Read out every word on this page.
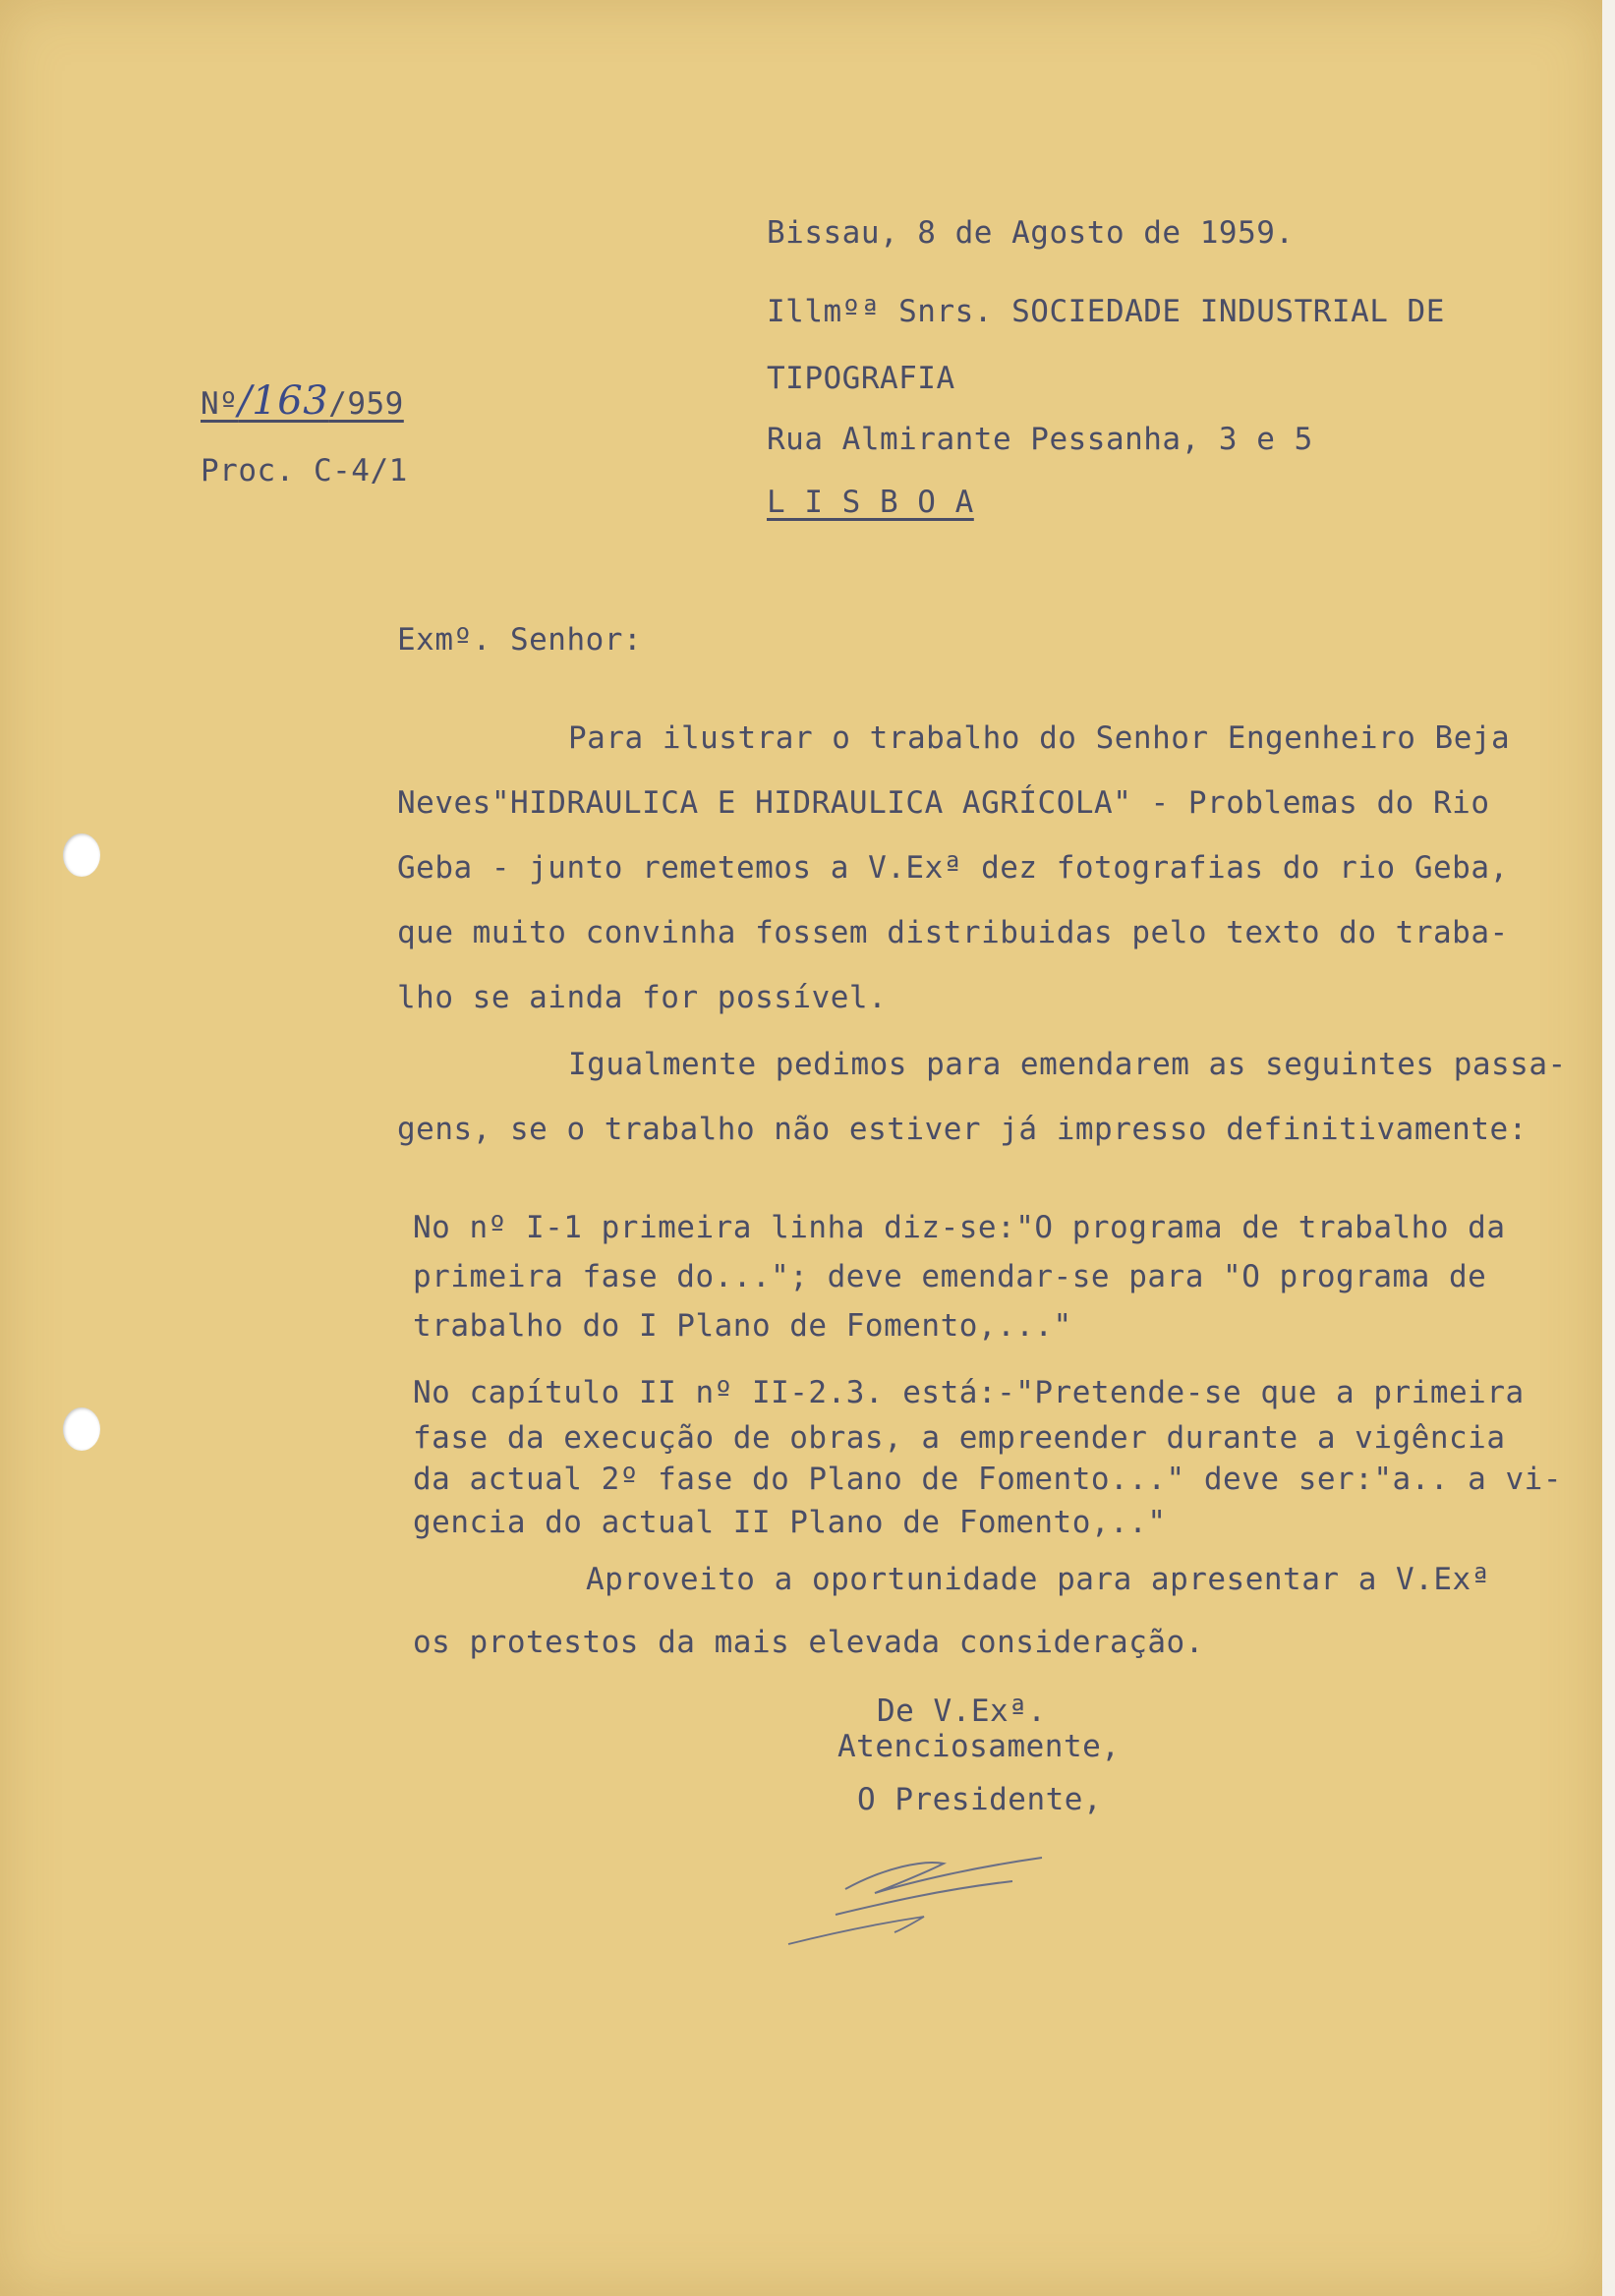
Bissau, 8 de Agosto de 1959.
Illmºª Snrs. SOCIEDADE INDUSTRIAL DE
TIPOGRAFIA
Rua Almirante Pessanha, 3 e 5
L I S B O A
Nº/163/959
Proc. C-4/1
Exmº. Senhor:
Para ilustrar o trabalho do Senhor Engenheiro Beja
Neves"HIDRAULICA E HIDRAULICA AGRÍCOLA" - Problemas do Rio
Geba - junto remetemos a V.Exª dez fotografias do rio Geba,
que muito convinha fossem distribuidas pelo texto do traba-
lho se ainda for possível.
Igualmente pedimos para emendarem as seguintes passa-
gens, se o trabalho não estiver já impresso definitivamente:
No nº I-1 primeira linha diz-se:"O programa de trabalho da
primeira fase do..."; deve emendar-se para "O programa de
trabalho do I Plano de Fomento,..."
No capítulo II nº II-2.3. está:-"Pretende-se que a primeira
fase da execução de obras, a empreender durante a vigência
da actual 2º fase do Plano de Fomento..." deve ser:"a.. a vi-
gencia do actual II Plano de Fomento,.."
Aproveito a oportunidade para apresentar a V.Exª
os protestos da mais elevada consideração.
De V.Exª.
Atenciosamente,
O Presidente,
